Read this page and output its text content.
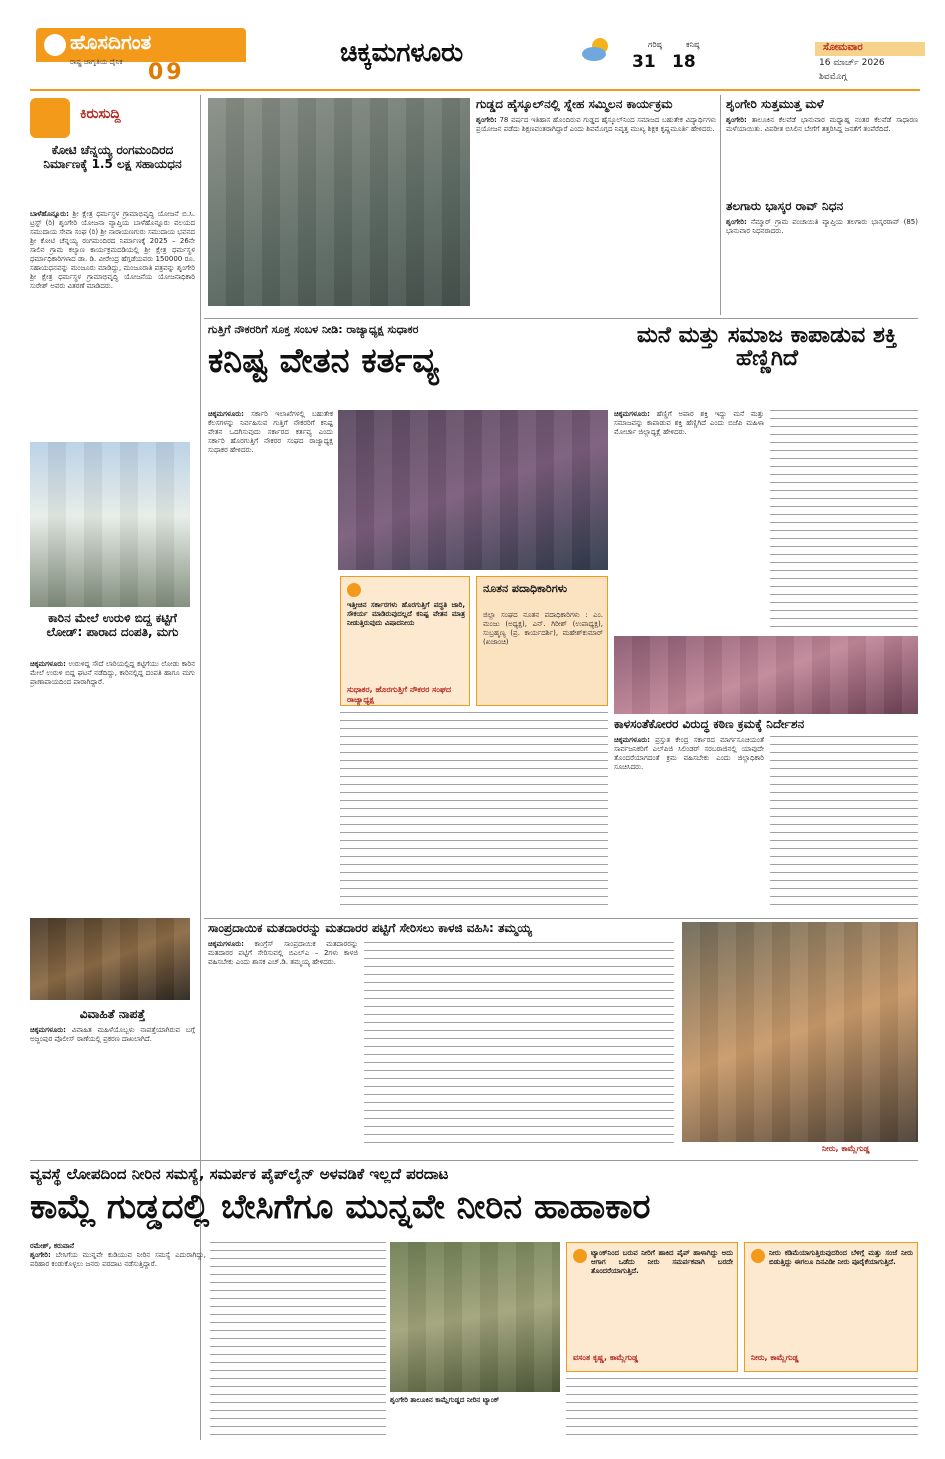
ಹೊಸದಿಗಂತ
ರಾಷ್ಟ್ರ ಜಾಗೃತಿಯ ದೈನಿಕ 09
ಚಿಕ್ಕಮಗಳೂರು	ಗರಿಷ್ಠ
31
ಕನಿಷ್ಠ
18
ಸೋಮವಾರ
16 ಮಾರ್ಚ್ 2026
ಶಿವಮೊಗ್ಗ
ಕಿರುಸುದ್ದಿ
ಕೋಟಿ ಚೆನ್ನಯ್ಯ ರಂಗಮಂದಿರದ ನಿರ್ಮಾಣಕ್ಕೆ 1.5 ಲಕ್ಷ ಸಹಾಯಧನ
ಬಾಳೆಹೊನ್ನೂರು: ಶ್ರೀ ಕ್ಷೇತ್ರ ಧರ್ಮಸ್ಥಳ ಗ್ರಾಮಾಭಿವೃದ್ಧಿ ಯೋಜನೆ ಬಿ.ಸಿ. ಟ್ರಸ್ಟ್ (ರಿ) ಶೃಂಗೇರಿ ಯೋಜನಾ ವ್ಯಾಪ್ತಿಯ ಬಾಳೆಹೊನ್ನೂರು ವಲಯದ ಸಮುದಾಯ ಸೇವಾ ಸಂಘ (ರಿ) ಶ್ರೀ ನಾರಾಯಣಗುರು ಸಮುದಾಯ ಭವನದ ಶ್ರೀ ಕೋಟಿ ಚೆನ್ನಯ್ಯ ರಂಗಮಂದಿರದ ನಿರ್ಮಾಣಕ್ಕೆ 2025 – 26ನೇ ಸಾಲಿನ ಗ್ರಾಮ ಕಲ್ಯಾಣ ಕಾರ್ಯಕ್ರಮದಡಿಯಲ್ಲಿ ಶ್ರೀ ಕ್ಷೇತ್ರ ಧರ್ಮಸ್ಥಳ ಧರ್ಮಾಧಿಕಾರಿಗಳಾದ ಡಾ. ಡಿ. ವೀರೇಂದ್ರ ಹೆಗ್ಗಡೆಯವರು 150000 ರೂ. ಸಹಾಯಧನವನ್ನು ಮಂಜೂರು ಮಾಡಿದ್ದು, ಮಂಜೂರಾತಿ ಪತ್ರವನ್ನು ಶೃಂಗೇರಿ ಶ್ರೀ ಕ್ಷೇತ್ರ ಧರ್ಮಸ್ಥಳ ಗ್ರಾಮಾಭಿವೃದ್ಧಿ ಯೋಜನೆಯ ಯೋಜನಾಧಿಕಾರಿ ಸುರೇಶ್ ಅವರು ವಿತರಣೆ ಮಾಡಿದರು.
ಕಾರಿನ ಮೇಲೆ ಉರುಳಿ ಬಿದ್ದ ಕಟ್ಟಿಗೆ ಲೋಡ್: ಪಾರಾದ ದಂಪತಿ, ಮಗು
ಚಿಕ್ಕಮಗಳೂರು: ಉರುಳಿದ್ದ ಸೌದೆ ಲಾರಿಯಲ್ಲಿದ್ದ ಕಟ್ಟಿಗೆಯು ಲೋಡು ಕಾರಿನ ಮೇಲೆ ಉರುಳಿ ಬಿದ್ದ ಘಟನೆ ನಡೆದಿದ್ದು, ಕಾರಿನಲ್ಲಿದ್ದ ದಂಪತಿ ಹಾಗೂ ಮಗು ಪ್ರಾಣಾಪಾಯದಿಂದ ಪಾರಾಗಿದ್ದಾರೆ.
ವಿವಾಹಿತೆ ನಾಪತ್ತೆ
ಚಿಕ್ಕಮಗಳೂರು: ವಿವಾಹಿತ ಮಹಿಳೆಯೊಬ್ಬಳು ನಾಪತ್ತೆಯಾಗಿರುವ ಬಗ್ಗೆ ಅಜ್ಜಂಪುರ ಪೊಲೀಸ್ ಠಾಣೆಯಲ್ಲಿ ಪ್ರಕರಣ ದಾಖಲಾಗಿದೆ.
ಗುಡ್ಡದ ಹೈಸ್ಕೂಲ್‌ನಲ್ಲಿ ಸ್ನೇಹ ಸಮ್ಮಿಲನ ಕಾರ್ಯಕ್ರಮ
ಶೃಂಗೇರಿ: 78 ವರ್ಷದ ಇತಿಹಾಸ ಹೊಂದಿರುವ ಗುಡ್ಡದ ಹೈಸ್ಕೂಲ್‌ನಿಂದ ಸಮಾಜದ ಬಹುತೇಕ ವಿದ್ಯಾರ್ಥಿಗಳು ಪ್ರಯೋಜನ ಪಡೆದು ಶಿಕ್ಷಣವಂತರಾಗಿದ್ದಾರೆ ಎಂದು ಶಿವಮೊಗ್ಗದ ನಿವೃತ್ತ ಮುಖ್ಯ ಶಿಕ್ಷಕ ಕೃಷ್ಣಮೂರ್ತಿ ಹೇಳಿದರು.
ಶೃಂಗೇರಿ ಸುತ್ತಮುತ್ತ ಮಳೆ
ಶೃಂಗೇರಿ: ತಾಲೂಕಿನ ಕೆಲವೆಡೆ ಭಾನುವಾರ ಮಧ್ಯಾಹ್ನ ನಂತರ ಕೆಲವೆಡೆ ಸಾಧಾರಣ ಮಳೆಯಾಯಿತು. ವಿಪರೀತ ಬಿಸಿಲಿನ ಬೇಗೆಗೆ ತತ್ತರಿಸಿದ್ದ ಜನತೆಗೆ ತಂಪೆರೆದಿದೆ.
ತಲಗಾರು ಭಾಸ್ಕರ ರಾವ್ ನಿಧನ
ಶೃಂಗೇರಿ: ನೆಮ್ಮಾರ್ ಗ್ರಾಮ ಪಂಚಾಯಿತಿ ವ್ಯಾಪ್ತಿಯ ತಲಗಾರು ಭಾಸ್ಕರರಾವ್ (85) ಭಾನುವಾರ ನಿಧನರಾದರು.
ಗುತ್ತಿಗೆ ನೌಕರರಿಗೆ ಸೂಕ್ತ ಸಂಬಳ ನೀಡಿ: ರಾಜ್ಯಾಧ್ಯಕ್ಷ ಸುಧಾಕರ
ಕನಿಷ್ಟ ವೇತನ ಕರ್ತವ್ಯ
ಚಿಕ್ಕಮಗಳೂರು: ಸರ್ಕಾರಿ ಇಲಾಖೆಗಳಲ್ಲಿ ಬಹುತೇಕ ಕೆಲಸಗಳನ್ನು ನಿರ್ವಹಿಸುವ ಗುತ್ತಿಗೆ ನೌಕರರಿಗೆ ಕನಿಷ್ಟ ವೇತನ ಒದಗಿಸುವುದು ಸರ್ಕಾರದ ಕರ್ತವ್ಯ ಎಂದು ಸರ್ಕಾರಿ ಹೊರಗುತ್ತಿಗೆ ನೌಕರರ ಸಂಘದ ರಾಜ್ಯಾಧ್ಯಕ್ಷ ಸುಧಾಕರ ಹೇಳಿದರು.
ಇತ್ತೀಚಿನ ಸರ್ಕಾರಗಳು ಹೊರಗುತ್ತಿಗೆ ಪದ್ಧತಿ ಜಾರಿ, ಸೌಕರ್ಯ ಮಾಡಿರುವುದಲ್ಲದೆ ಕನಿಷ್ಟ ವೇತನ ಮಾತ್ರ ನೀಡುತ್ತಿರುವುದು ವಿಷಾದನೀಯ
ಸುಧಾಕರ, ಹೊರಗುತ್ತಿಗೆ ನೌಕರರ ಸಂಘದ ರಾಜ್ಯಾಧ್ಯಕ್ಷ
ನೂತನ ಪದಾಧಿಕಾರಿಗಳು
ಜಿಲ್ಲಾ ಸಂಘದ ನೂತನ ಪದಾಧಿಕಾರಿಗಳು : ಎಂ. ಮಂಜು (ಅಧ್ಯಕ್ಷ), ಎನ್. ಗಿರೀಶ್ (ಉಪಾಧ್ಯಕ್ಷ), ಸುಬ್ರಹ್ಮಣ್ಯ (ಪ್ರ. ಕಾರ್ಯದರ್ಶಿ), ಮಹೇಶ್‌ಕುಮಾರ್ (ಖಜಾಂಚಿ)
ಮನೆ ಮತ್ತು ಸಮಾಜ ಕಾಪಾಡುವ ಶಕ್ತಿ ಹೆಣ್ಣಿಗಿದೆ
ಚಿಕ್ಕಮಗಳೂರು: ಹೆಣ್ಣಿಗೆ ಅಪಾರ ಶಕ್ತಿ ಇದ್ದು ಮನೆ ಮತ್ತು ಸಮಾಜವನ್ನು ಕಾಪಾಡುವ ಶಕ್ತಿ ಹೆಣ್ಣಿಗಿದೆ ಎಂದು ಬಿಜೆಪಿ ಮಹಿಳಾ ಮೋರ್ಚಾ ಜಿಲ್ಲಾಧ್ಯಕ್ಷೆ ಹೇಳಿದರು.
ಕಾಳಸಂತೆಕೋರರ ವಿರುದ್ಧ ಕಠಿಣ ಕ್ರಮಕ್ಕೆ ನಿರ್ದೇಶನ
ಚಿಕ್ಕಮಗಳೂರು: ಪ್ರಸ್ತುತ ಕೇಂದ್ರ ಸರ್ಕಾರದ ಮಾರ್ಗಸೂಚಿಯಂತೆ ಸಾರ್ವಜನಿಕರಿಗೆ ಎಲ್‌ಪಿಜಿ ಸಿಲಿಂಡರ್ ಸರಬರಾಜಿನಲ್ಲಿ ಯಾವುದೇ ತೊಂದರೆಯಾಗದಂತೆ ಕ್ರಮ ವಹಿಸಬೇಕು ಎಂದು ಜಿಲ್ಲಾಧಿಕಾರಿ ಸೂಚಿಸಿದರು.
ಸಾಂಪ್ರದಾಯಿಕ ಮತದಾರರನ್ನು ಮತದಾರರ ಪಟ್ಟಿಗೆ ಸೇರಿಸಲು ಕಾಳಜಿ ವಹಿಸಿ: ತಮ್ಮಯ್ಯ
ಚಿಕ್ಕಮಗಳೂರು: ಕಾಂಗ್ರೆಸ್ ಸಾಂಪ್ರದಾಯಿಕ ಮತದಾರರನ್ನು ಮತದಾರರ ಪಟ್ಟಿಗೆ ಸೇರಿಸುವಲ್ಲಿ ಬಿಎಲ್‌ಎ – 2ಗಳು ಕಾಳಜಿ ವಹಿಸಬೇಕು ಎಂದು ಶಾಸಕ ಎಚ್.ಡಿ. ತಮ್ಮಯ್ಯ ಹೇಳಿದರು.
ನೀರು, ಕಾಮ್ಲೆಗುಡ್ಡ
ವ್ಯವಸ್ಥೆ ಲೋಪದಿಂದ ನೀರಿನ ಸಮಸ್ಯೆ, ಸಮರ್ಪಕ ಪೈಪ್‌ಲೈನ್ ಅಳವಡಿಕೆ ಇಲ್ಲದೆ ಪರದಾಟ
ಕಾಮ್ಲೆ ಗುಡ್ಡದಲ್ಲಿ ಬೇಸಿಗೆಗೂ ಮುನ್ನವೇ ನೀರಿನ ಹಾಹಾಕಾರ
ರಮೇಶ್, ಕರುವಾನೆ
ಶೃಂಗೇರಿ: ಬೇಸಿಗೆಯ ಮುನ್ನವೇ ಕುಡಿಯುವ ನೀರಿನ ಸಮಸ್ಯೆ ಎದುರಾಗಿದ್ದು, ಪರಿಹಾರ ಕಂಡುಕೊಳ್ಳಲು ಜನರು ಪರದಾಟ ನಡೆಸುತ್ತಿದ್ದಾರೆ.
ಶೃಂಗೇರಿ ತಾಲೂಕಿನ ಕಾಮ್ಲೆಗುಡ್ಡದ ನೀರಿನ ಟ್ಯಾಂಕ್
ಟ್ಯಾಂಕ್‌ನಿಂದ ಬರುವ ನೀರಿಗೆ ಹಾಕಿದ ಪೈಪ್ ಹಾಳಾಗಿದ್ದು ಅದು ಆಗಾಗ ಒಡೆದು ನೀರು ಸಮರ್ಪಕವಾಗಿ ಬರದೇ ತೊಂದರೆಯಾಗುತ್ತಿದೆ.
ವಸಂತ ಕೃಷ್ಣ, ಕಾಮ್ಲೆಗುಡ್ಡ
ನೀರು ಕಡಿಮೆಯಾಗುತ್ತಿರುವುದರಿಂದ ಬೆಳಿಗ್ಗೆ ಮತ್ತು ಸಂಜೆ ನೀರು ಬಿಡುತ್ತಿದ್ದು ಈಗಲೂ ದಿನವಿಡೀ ನೀರು ಪೂರೈಕೆಯಾಗುತ್ತಿದೆ.
ನೀರು, ಕಾಮ್ಲೆಗುಡ್ಡ
